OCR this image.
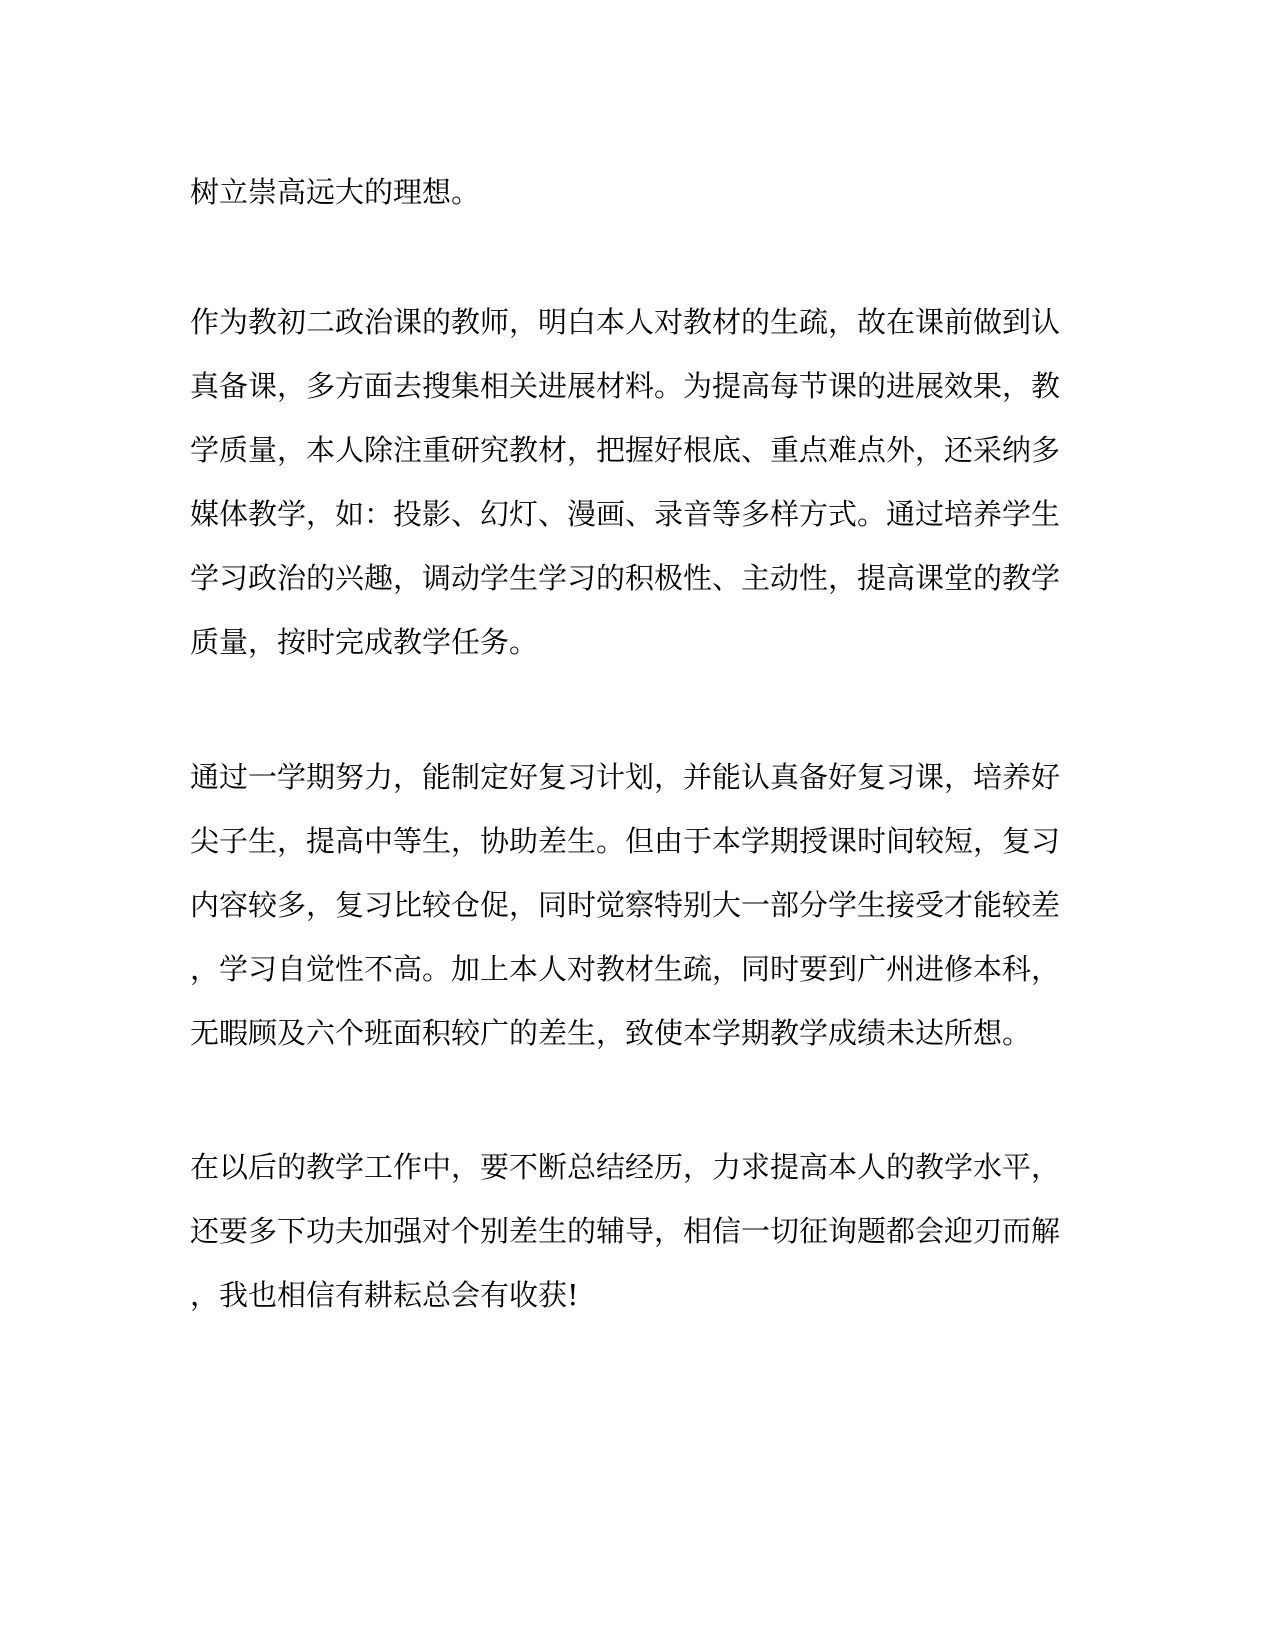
树立崇高远大的理想。

作为教初二政治课的教师，明白本人对教材的生疏，故在课前做到认
真备课，多方面去搜集相关进展材料。为提高每节课的进展效果，教
学质量，本人除注重研究教材，把握好根底、重点难点外，还采纳多
媒体教学，如：投影、幻灯、漫画、录音等多样方式。通过培养学生
学习政治的兴趣，调动学生学习的积极性、主动性，提高课堂的教学
质量，按时完成教学任务。

通过一学期努力，能制定好复习计划，并能认真备好复习课，培养好
尖子生，提高中等生，协助差生。但由于本学期授课时间较短，复习
内容较多，复习比较仓促，同时觉察特别大一部分学生接受才能较差
，学习自觉性不高。加上本人对教材生疏，同时要到广州进修本科，
无暇顾及六个班面积较广的差生，致使本学期教学成绩未达所想。

在以后的教学工作中，要不断总结经历，力求提高本人的教学水平，
还要多下功夫加强对个别差生的辅导，相信一切征询题都会迎刃而解
，我也相信有耕耘总会有收获!
